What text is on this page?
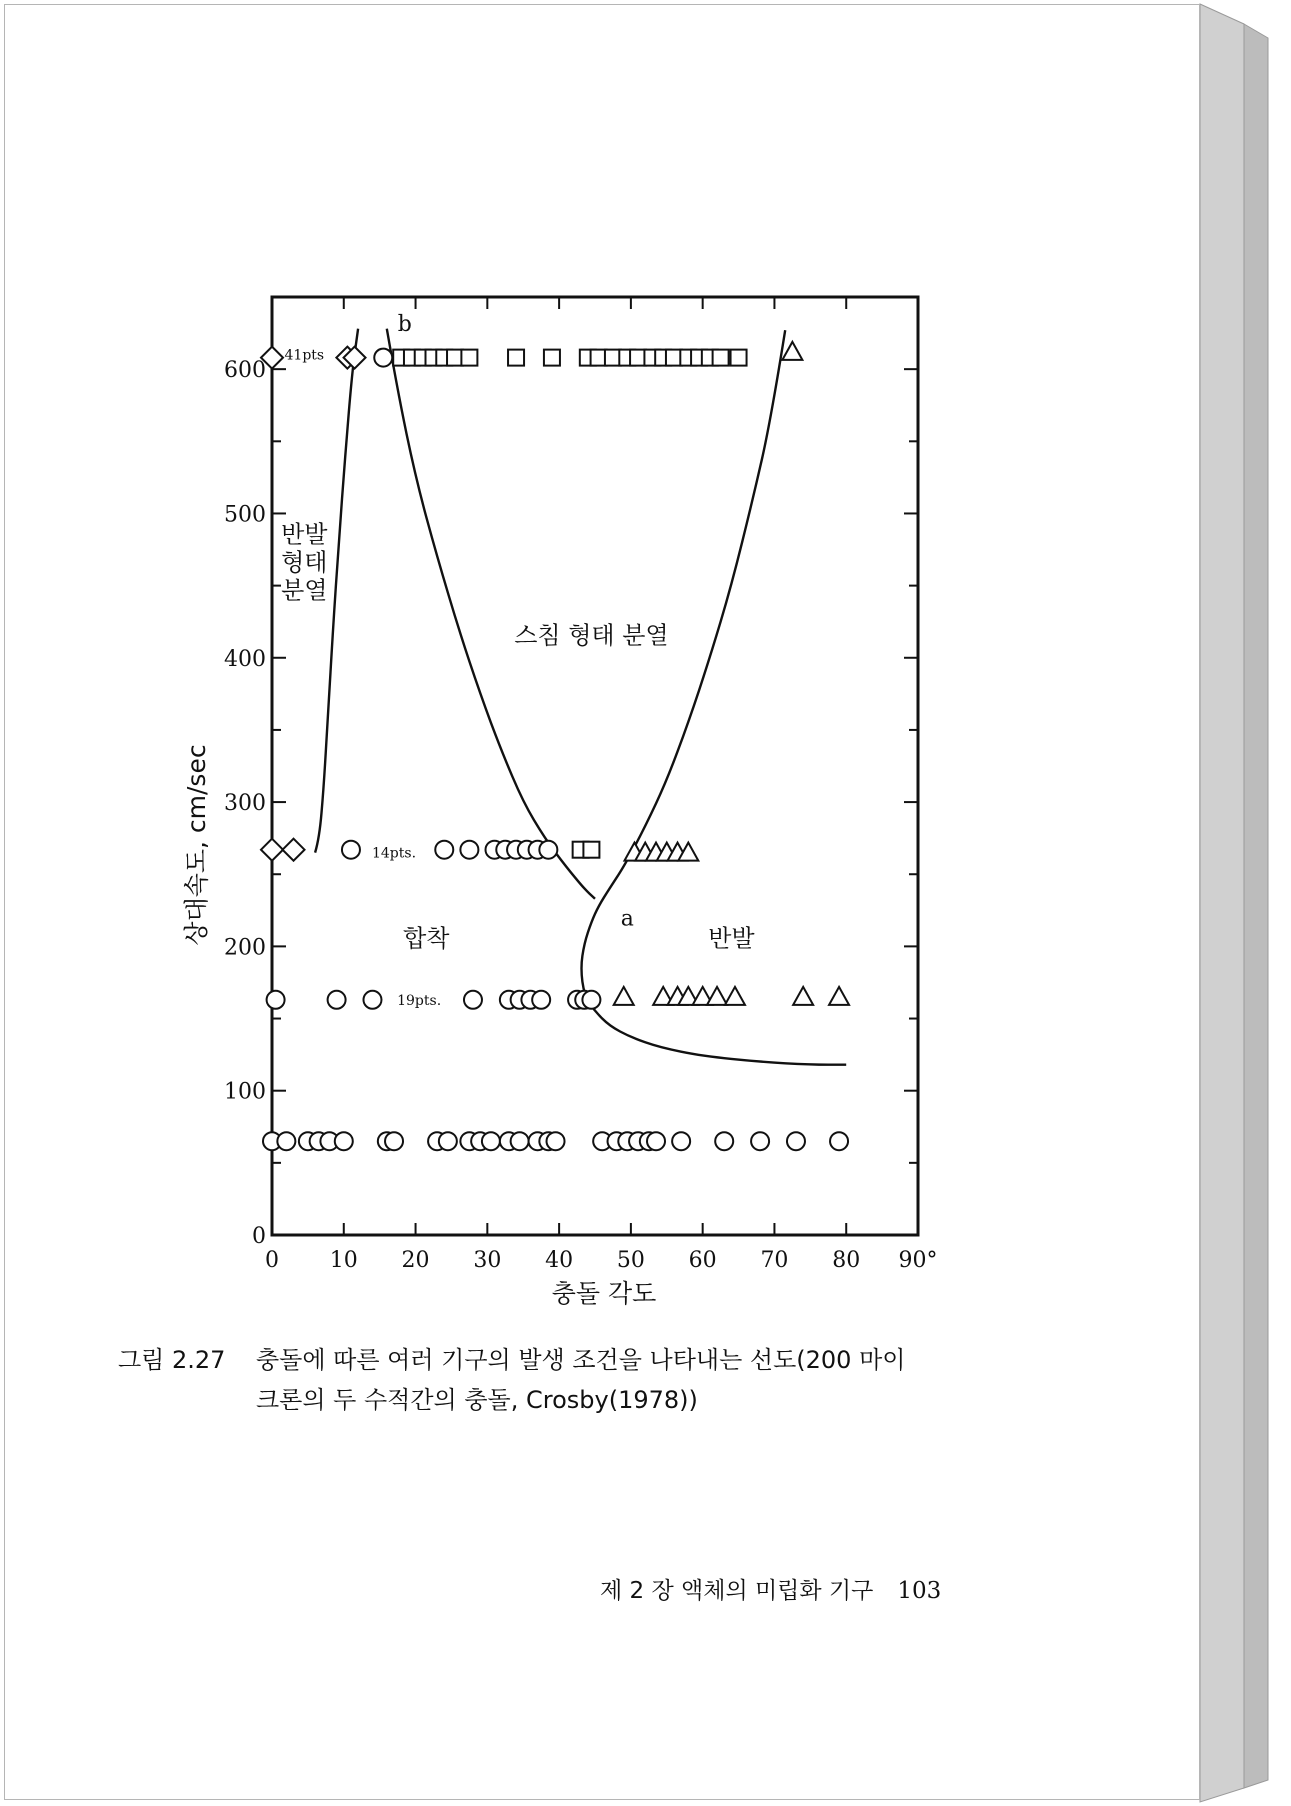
0 10 20 30 40 50 60 70 80 90°
0
100
200
300
400
500
600
41pts
14pts.
19pts.
b
a
반발
형태
분열
스침 형태 분열
합착	반발
충돌 각도
상대속도, cm/sec
그림 2.27 충돌에 따른 여러 기구의 발생 조건을 나타내는 선도(200 마이
크론의 두 수적간의 충돌, Crosby(1978))
제 2 장 액체의 미립화 기구 103
